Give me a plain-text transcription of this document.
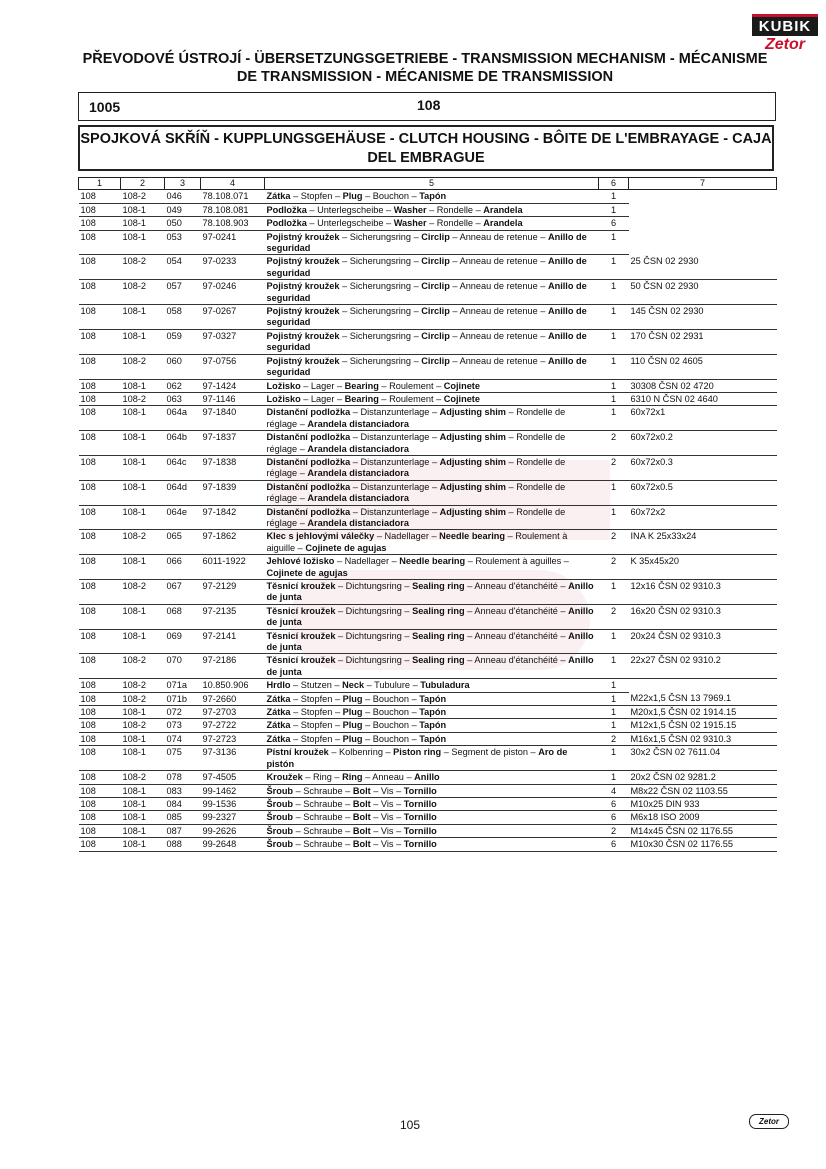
KUBIK
Zetor
PŘEVODOVÉ ÚSTROJÍ - ÜBERSETZUNGSGETRIEBE - TRANSMISSION MECHANISM - MÉCANISME DE TRANSMISSION - MÉCANISME DE TRANSMISSION
1005	108
SPOJKOVÁ SKŘÍŇ - KUPPLUNGSGEHÄUSE - CLUTCH HOUSING - BÔITE DE L'EMBRAYAGE - CAJA DEL EMBRAGUE
1	2	3	4	5	6	7
108	108-2	046	78.108.071	Zátka – Stopfen – Plug – Bouchon – Tapón	1	
108	108-1	049	78.108.081	Podložka – Unterlegscheibe – Washer – Rondelle – Arandela	1	
108	108-1	050	78.108.903	Podložka – Unterlegscheibe – Washer – Rondelle – Arandela	6	
108	108-1	053	97-0241	Pojistný kroužek – Sicherungsring – Circlip – Anneau de retenue – Anillo de seguridad	1	
108	108-2	054	97-0233	Pojistný kroužek – Sicherungsring – Circlip – Anneau de retenue – Anillo de seguridad	1	25 ČSN 02 2930
108	108-2	057	97-0246	Pojistný kroužek – Sicherungsring – Circlip – Anneau de retenue – Anillo de seguridad	1	50 ČSN 02 2930
108	108-1	058	97-0267	Pojistný kroužek – Sicherungsring – Circlip – Anneau de retenue – Anillo de seguridad	1	145 ČSN 02 2930
108	108-1	059	97-0327	Pojistný kroužek – Sicherungsring – Circlip – Anneau de retenue – Anillo de seguridad	1	170 ČSN 02 2931
108	108-2	060	97-0756	Pojistný kroužek – Sicherungsring – Circlip – Anneau de retenue – Anillo de seguridad	1	110 ČSN 02 4605
108	108-1	062	97-1424	Ložisko – Lager – Bearing – Roulement – Cojinete	1	30308 ČSN 02 4720
108	108-2	063	97-1146	Ložisko – Lager – Bearing – Roulement – Cojinete	1	6310 N ČSN 02 4640
108	108-1	064a	97-1840	Distanční podložka – Distanzunterlage – Adjusting shim – Rondelle de réglage – Arandela distanciadora	1	60x72x1
108	108-1	064b	97-1837	Distanční podložka – Distanzunterlage – Adjusting shim – Rondelle de réglage – Arandela distanciadora	2	60x72x0.2
108	108-1	064c	97-1838	Distanční podložka – Distanzunterlage – Adjusting shim – Rondelle de réglage – Arandela distanciadora	2	60x72x0.3
108	108-1	064d	97-1839	Distanční podložka – Distanzunterlage – Adjusting shim – Rondelle de réglage – Arandela distanciadora	1	60x72x0.5
108	108-1	064e	97-1842	Distanční podložka – Distanzunterlage – Adjusting shim – Rondelle de réglage – Arandela distanciadora	1	60x72x2
108	108-2	065	97-1862	Klec s jehlovými válečky – Nadellager – Needle bearing – Roulement à aiguille – Cojinete de agujas	2	INA K 25x33x24
108	108-1	066	6011-1922	Jehlové ložisko – Nadellager – Needle bearing – Roulement à aguilles – Cojinete de agujas	2	K 35x45x20
108	108-2	067	97-2129	Těsnicí kroužek – Dichtungsring – Sealing ring – Anneau d'étanchéité – Anillo de junta	1	12x16 ČSN 02 9310.3
108	108-1	068	97-2135	Těsnicí kroužek – Dichtungsring – Sealing ring – Anneau d'étanchéité – Anillo de junta	2	16x20 ČSN 02 9310.3
108	108-1	069	97-2141	Těsnicí kroužek – Dichtungsring – Sealing ring – Anneau d'étanchéité – Anillo de junta	1	20x24 ČSN 02 9310.3
108	108-2	070	97-2186	Těsnicí kroužek – Dichtungsring – Sealing ring – Anneau d'étanchéité – Anillo de junta	1	22x27 ČSN 02 9310.2
108	108-2	071a	10.850.906	Hrdlo – Stutzen – Neck – Tubulure – Tubuladura	1	
108	108-2	071b	97-2660	Zátka – Stopfen – Plug – Bouchon – Tapón	1	M22x1,5 ČSN 13 7969.1
108	108-1	072	97-2703	Zátka – Stopfen – Plug – Bouchon – Tapón	1	M20x1,5 ČSN 02 1914.15
108	108-2	073	97-2722	Zátka – Stopfen – Plug – Bouchon – Tapón	1	M12x1,5 ČSN 02 1915.15
108	108-1	074	97-2723	Zátka – Stopfen – Plug – Bouchon – Tapón	2	M16x1,5 ČSN 02 9310.3
108	108-1	075	97-3136	Pístní kroužek – Kolbenring – Piston ring – Segment de piston – Aro de pistón	1	30x2 ČSN 02 7611.04
108	108-2	078	97-4505	Kroužek – Ring – Ring – Anneau – Anillo	1	20x2 ČSN 02 9281.2
108	108-1	083	99-1462	Šroub – Schraube – Bolt – Vis – Tornillo	4	M8x22 ČSN 02 1103.55
108	108-1	084	99-1536	Šroub – Schraube – Bolt – Vis – Tornillo	6	M10x25 DIN 933
108	108-1	085	99-2327	Šroub – Schraube – Bolt – Vis – Tornillo	6	M6x18 ISO 2009
108	108-1	087	99-2626	Šroub – Schraube – Bolt – Vis – Tornillo	2	M14x45 ČSN 02 1176.55
108	108-1	088	99-2648	Šroub – Schraube – Bolt – Vis – Tornillo	6	M10x30 ČSN 02 1176.55
105	Zetor
